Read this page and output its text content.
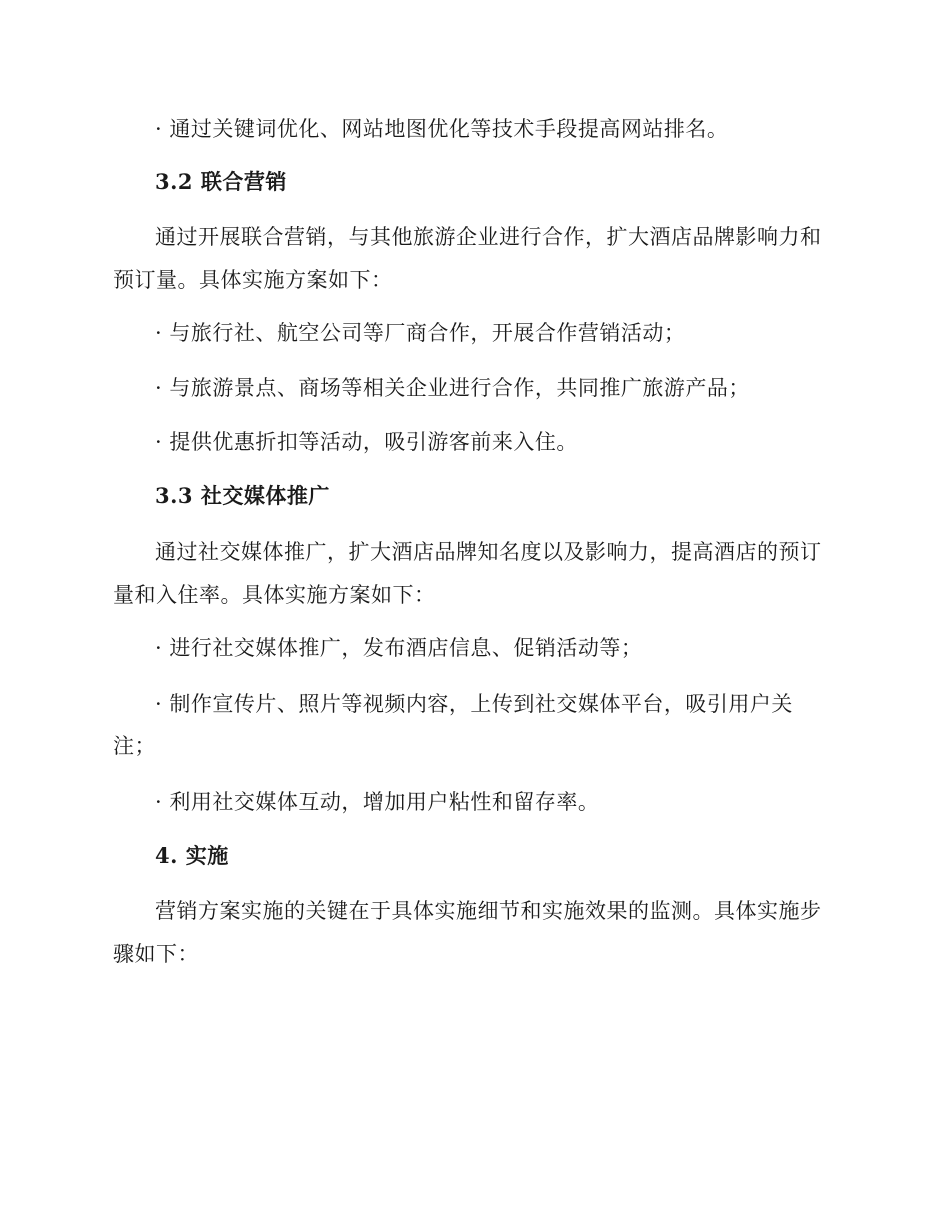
· 通过关键词优化、网站地图优化等技术手段提高网站排名。
3.2 联合营销
通过开展联合营销，与其他旅游企业进行合作，扩大酒店品牌影响力和
预订量。具体实施方案如下：
· 与旅行社、航空公司等厂商合作，开展合作营销活动；
· 与旅游景点、商场等相关企业进行合作，共同推广旅游产品；
· 提供优惠折扣等活动，吸引游客前来入住。
3.3 社交媒体推广
通过社交媒体推广，扩大酒店品牌知名度以及影响力，提高酒店的预订
量和入住率。具体实施方案如下：
· 进行社交媒体推广，发布酒店信息、促销活动等；
· 制作宣传片、照片等视频内容，上传到社交媒体平台，吸引用户关
注；
· 利用社交媒体互动，增加用户粘性和留存率。
4. 实施
营销方案实施的关键在于具体实施细节和实施效果的监测。具体实施步
骤如下：
